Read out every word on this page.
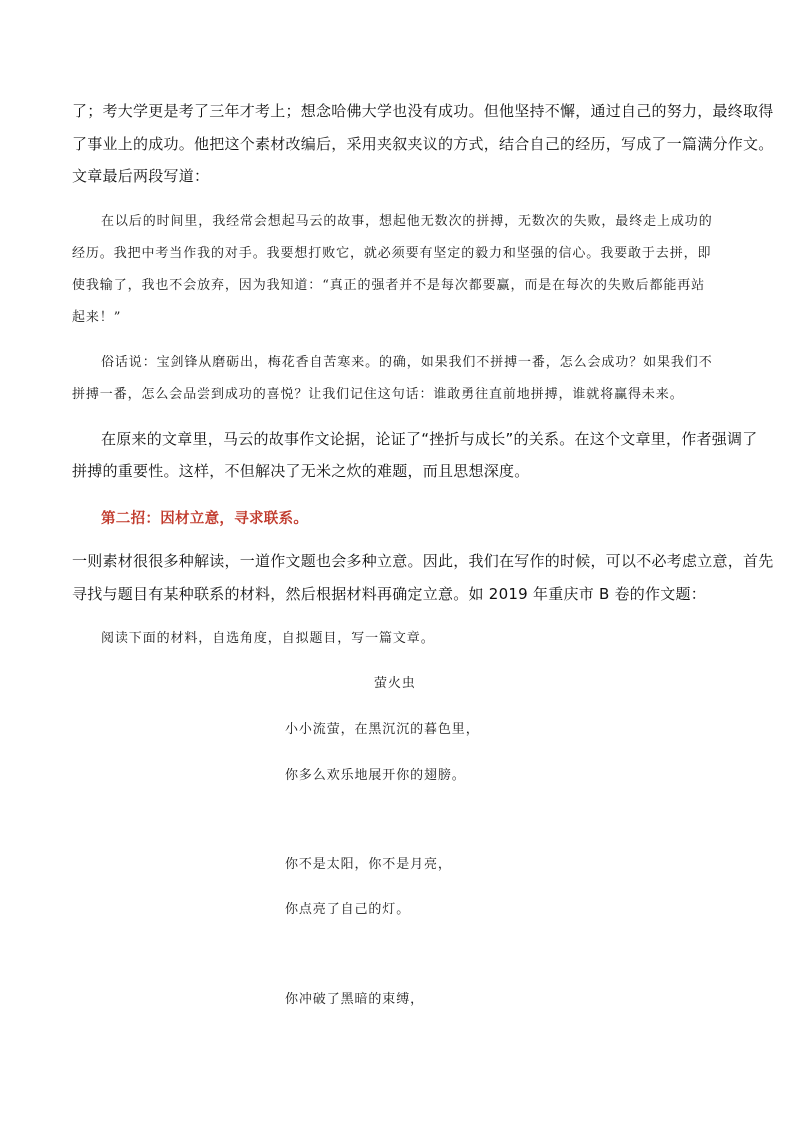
了；考大学更是考了三年才考上；想念哈佛大学也没有成功。但他坚持不懈，通过自己的努力，最终取得
了事业上的成功。他把这个素材改编后，采用夹叙夹议的方式，结合自己的经历，写成了一篇满分作文。
文章最后两段写道：
在以后的时间里，我经常会想起马云的故事，想起他无数次的拼搏，无数次的失败，最终走上成功的
经历。我把中考当作我的对手。我要想打败它，就必须要有坚定的毅力和坚强的信心。我要敢于去拼，即
使我输了，我也不会放弃，因为我知道：“真正的强者并不是每次都要赢，而是在每次的失败后都能再站
起来！”
俗话说：宝剑锋从磨砺出，梅花香自苦寒来。的确，如果我们不拼搏一番，怎么会成功？如果我们不
拼搏一番，怎么会品尝到成功的喜悦？让我们记住这句话：谁敢勇往直前地拼搏，谁就将赢得未来。
在原来的文章里，马云的故事作文论据，论证了“挫折与成长”的关系。在这个文章里，作者强调了
拼搏的重要性。这样，不但解决了无米之炊的难题，而且思想深度。
第二招：因材立意，寻求联系。
一则素材很很多种解读，一道作文题也会多种立意。因此，我们在写作的时候，可以不必考虑立意，首先
寻找与题目有某种联系的材料，然后根据材料再确定立意。如 2019 年重庆市 B 卷的作文题：
阅读下面的材料，自选角度，自拟题目，写一篇文章。
萤火虫
小小流萤，在黑沉沉的暮色里，
你多么欢乐地展开你的翅膀。
你不是太阳，你不是月亮，
你点亮了自己的灯。
你冲破了黑暗的束缚，
